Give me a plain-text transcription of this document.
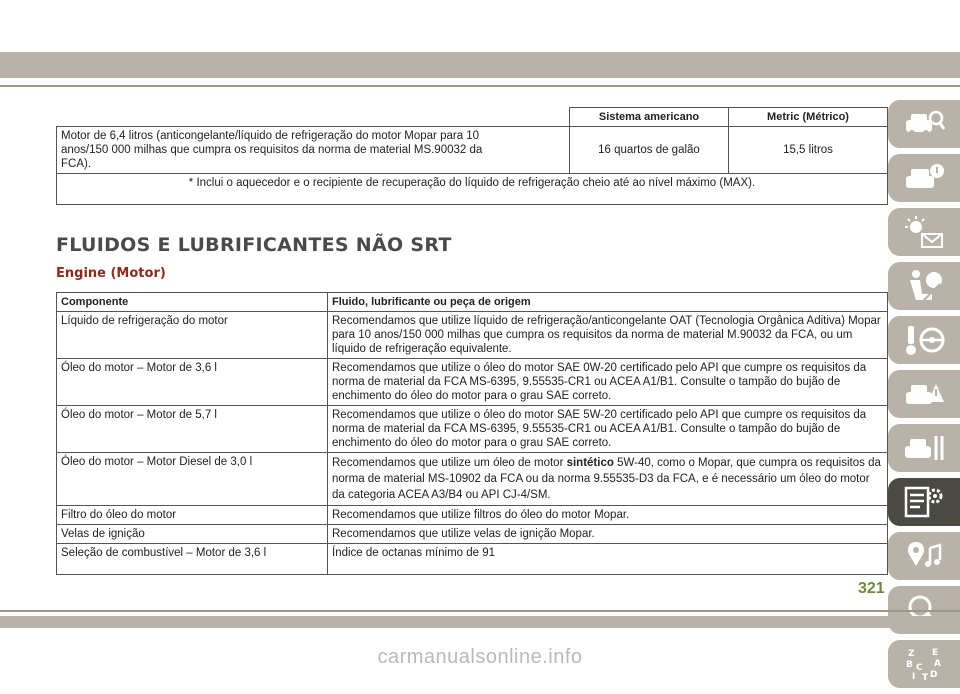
	Sistema americano	Metric (Métrico)
Motor de 6,4 litros (anticongelante/líquido de refrigeração do motor Mopar para 10 anos/150 000 milhas que cumpra os requisitos da norma de material MS.90032 da FCA).	16 quartos de galão	15,5 litros
* Inclui o aquecedor e o recipiente de recuperação do líquido de refrigeração cheio até ao nível máximo (MAX).		
FLUIDOS E LUBRIFICANTES NÃO SRT
Engine (Motor)
Componente	Fluido, lubrificante ou peça de origem
Líquido de refrigeração do motor	Recomendamos que utilize líquido de refrigeração/anticongelante OAT (Tecnologia Orgânica Aditiva) Mopar para 10 anos/150 000 milhas que cumpra os requisitos da norma de material M.90032 da FCA, ou um líquido de refrigeração equivalente.
Óleo do motor – Motor de 3,6 l	Recomendamos que utilize o óleo do motor SAE 0W-20 certificado pelo API que cumpre os requisitos da norma de material da FCA MS-6395, 9.55535-CR1 ou ACEA A1/B1. Consulte o tampão do bujão de enchimento do óleo do motor para o grau SAE correto.
Óleo do motor – Motor de 5,7 l	Recomendamos que utilize o óleo do motor SAE 5W-20 certificado pelo API que cumpre os requisitos da norma de material da FCA MS-6395, 9.55535-CR1 ou ACEA A1/B1. Consulte o tampão do bujão de enchimento do óleo do motor para o grau SAE correto.
Óleo do motor – Motor Diesel de 3,0 l	Recomendamos que utilize um óleo de motor sintético 5W-40, como o Mopar, que cumpra os requisitos da norma de material MS-10902 da FCA ou da norma 9.55535-D3 da FCA, e é necessário um óleo do motor da categoria ACEA A3/B4 ou API CJ-4/SM.
Filtro do óleo do motor	Recomendamos que utilize filtros do óleo do motor Mopar.
Velas de ignição	Recomendamos que utilize velas de ignição Mopar.
Seleção de combustível – Motor de 3,6 l	Índice de octanas mínimo de 91
Z E
B A
C
D
I T
321
carmanualsonline.info
